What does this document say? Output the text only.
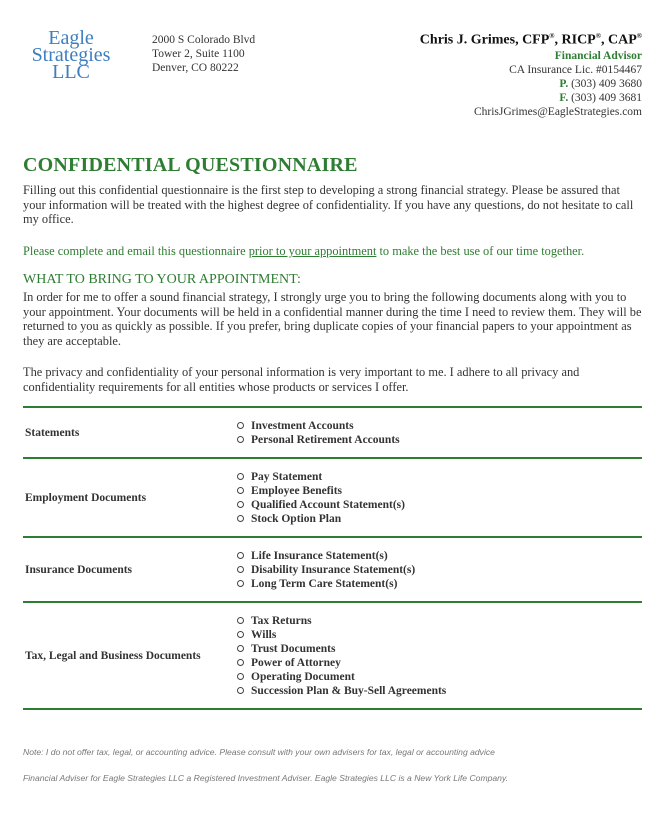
Eagle
Strategies
LLC
2000 S Colorado Blvd
Tower 2, Suite 1100
Denver, CO 80222
Chris J. Grimes, CFP®, RICP®, CAP®
Financial Advisor
CA Insurance Lic. #0154467
P. (303) 409 3680
F. (303) 409 3681
ChrisJGrimes@EagleStrategies.com
CONFIDENTIAL QUESTIONNAIRE

Filling out this confidential questionnaire is the first step to developing a strong financial strategy. Please be assured that your information will be treated with the highest degree of confidentiality. If you have any questions, do not hesitate to call my office.

Please complete and email this questionnaire prior to your appointment to make the best use of our time together.

WHAT TO BRING TO YOUR APPOINTMENT:

In order for me to offer a sound financial strategy, I strongly urge you to bring the following documents along with you to your appointment. Your documents will be held in a confidential manner during the time I need to review them. They will be returned to you as quickly as possible. If you prefer, bring duplicate copies of your financial papers to your appointment as they are acceptable.

The privacy and confidentiality of your personal information is very important to me. I adhere to all privacy and confidentiality requirements for all entities whose products or services I offer.

Statements
Investment Accounts
Personal Retirement Accounts
Employment Documents
Pay Statement
Employee Benefits
Qualified Account Statement(s)
Stock Option Plan
Insurance Documents
Life Insurance Statement(s)
Disability Insurance Statement(s)
Long Term Care Statement(s)
Tax, Legal and Business Documents
Tax Returns
Wills
Trust Documents
Power of Attorney
Operating Document
Succession Plan & Buy-Sell Agreements
Note: I do not offer tax, legal, or accounting advice. Please consult with your own advisers for tax, legal or accounting advice
Financial Adviser for Eagle Strategies LLC a Registered Investment Adviser. Eagle Strategies LLC is a New York Life Company.
